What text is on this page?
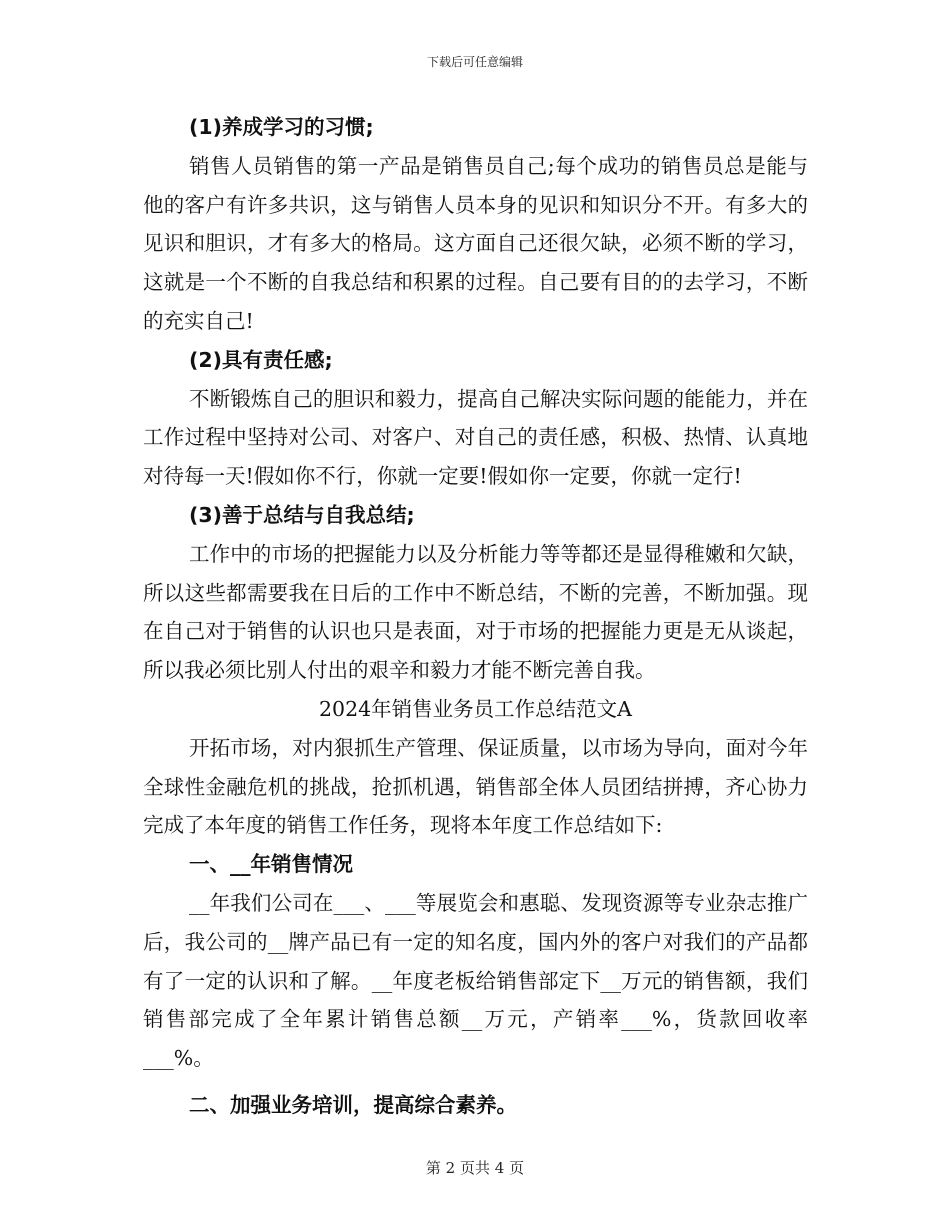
下载后可任意编辑

(1)养成学习的习惯;

销售人员销售的第一产品是销售员自己;每个成功的销售员总是能与他的客户有许多共识，这与销售人员本身的见识和知识分不开。有多大的见识和胆识，才有多大的格局。这方面自己还很欠缺，必须不断的学习，这就是一个不断的自我总结和积累的过程。自己要有目的的去学习，不断的充实自己!

(2)具有责任感;

不断锻炼自己的胆识和毅力，提高自己解决实际问题的能能力，并在工作过程中坚持对公司、对客户、对自己的责任感，积极、热情、认真地对待每一天!假如你不行，你就一定要!假如你一定要，你就一定行!

(3)善于总结与自我总结;

工作中的市场的把握能力以及分析能力等等都还是显得稚嫩和欠缺，所以这些都需要我在日后的工作中不断总结，不断的完善，不断加强。现在自己对于销售的认识也只是表面，对于市场的把握能力更是无从谈起，所以我必须比别人付出的艰辛和毅力才能不断完善自我。

2024年销售业务员工作总结范文A

开拓市场，对内狠抓生产管理、保证质量，以市场为导向，面对今年全球性金融危机的挑战，抢抓机遇，销售部全体人员团结拼搏，齐心协力完成了本年度的销售工作任务，现将本年度工作总结如下:

一、__年销售情况

__年我们公司在___、___等展览会和惠聪、发现资源等专业杂志推广后，我公司的__牌产品已有一定的知名度，国内外的客户对我们的产品都有了一定的认识和了解。__年度老板给销售部定下__万元的销售额，我们销售部完成了全年累计销售总额__万元，产销率___%，货款回收率___%。

二、加强业务培训，提高综合素养。

第 2 页共 4 页
